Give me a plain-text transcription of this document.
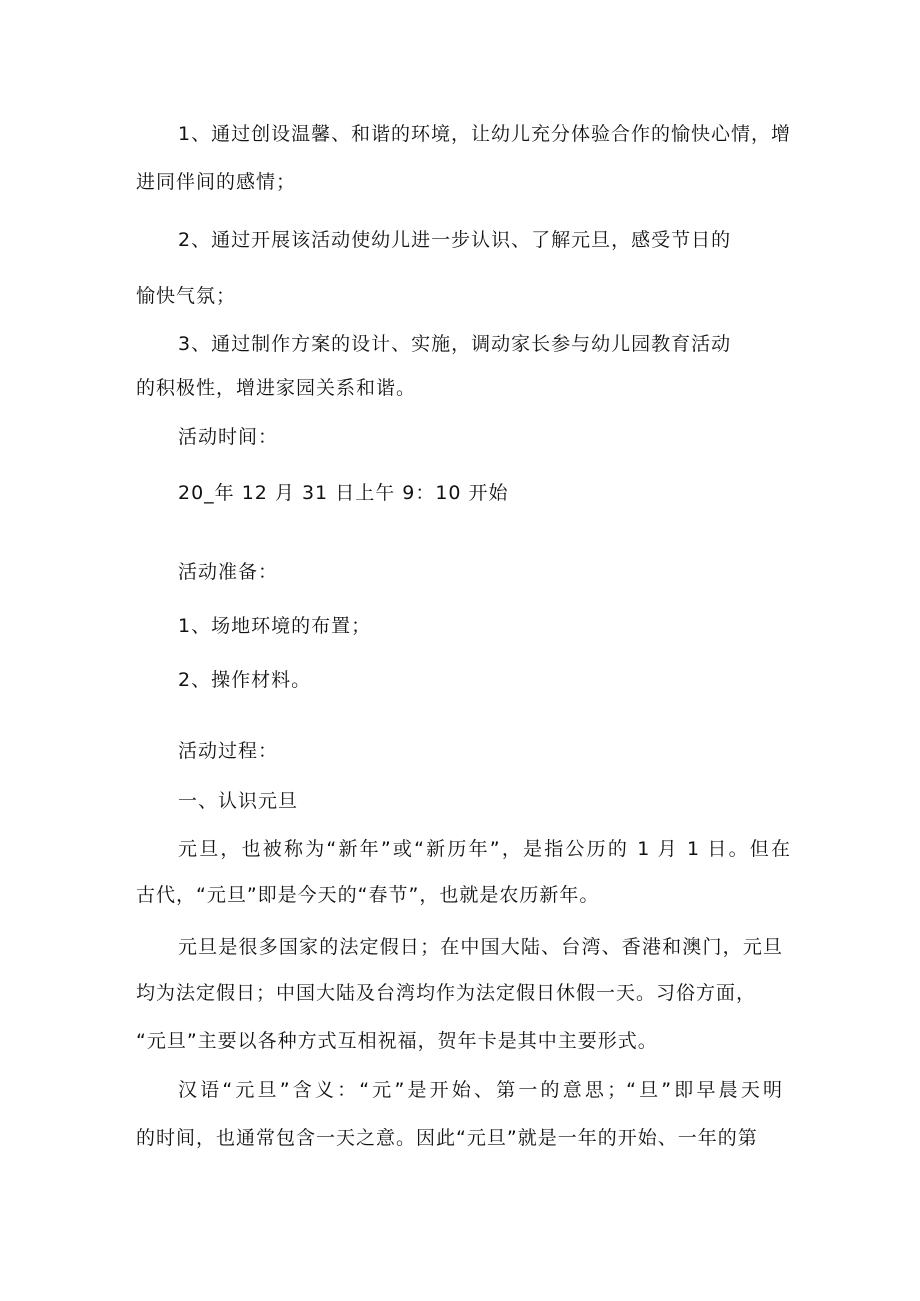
1、通过创设温馨、和谐的环境，让幼儿充分体验合作的愉快心情，增
进同伴间的感情；
2、通过开展该活动使幼儿进一步认识、了解元旦，感受节日的
愉快气氛；
3、通过制作方案的设计、实施，调动家长参与幼儿园教育活动
的积极性，增进家园关系和谐。
活动时间：
20_年 12 月 31 日上午 9：10 开始
活动准备：
1、场地环境的布置；
2、操作材料。
活动过程：
一、认识元旦
元旦，也被称为“新年”或“新历年”，是指公历的 1 月 1 日。但在
古代，“元旦”即是今天的“春节”，也就是农历新年。
元旦是很多国家的法定假日；在中国大陆、台湾、香港和澳门，元旦
均为法定假日；中国大陆及台湾均作为法定假日休假一天。习俗方面，
“元旦”主要以各种方式互相祝福，贺年卡是其中主要形式。
汉语“元旦”含义：“元”是开始、第一的意思；“旦”即早晨天明
的时间，也通常包含一天之意。因此“元旦”就是一年的开始、一年的第
